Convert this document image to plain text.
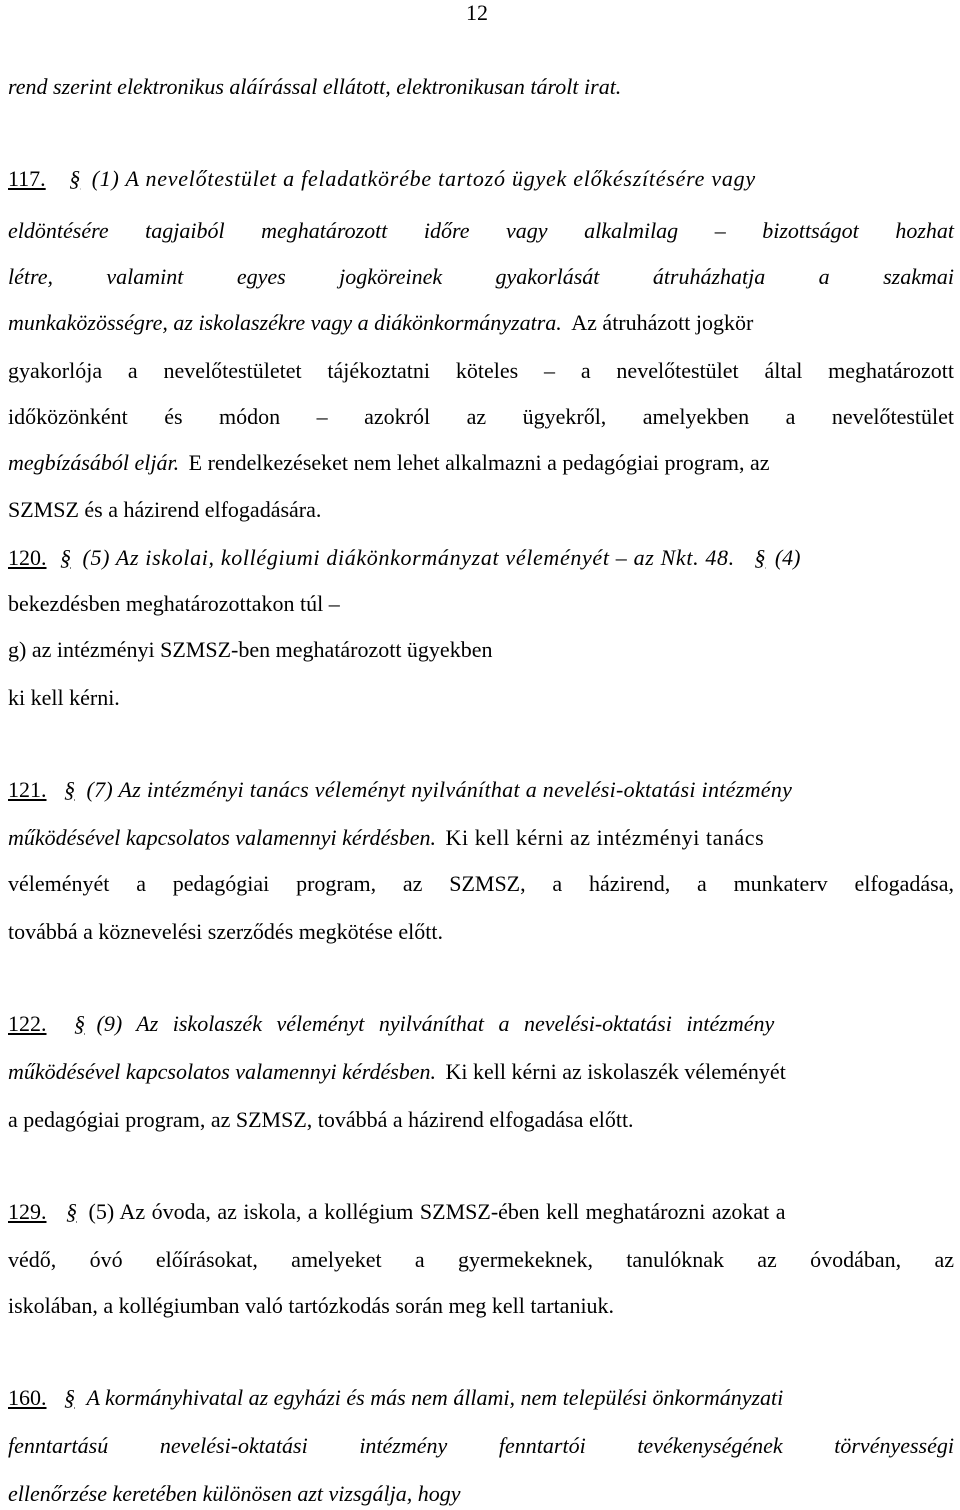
12
rend szerint elektronikus aláírással ellátott, elektronikusan tárolt irat.
117. § (1) A nevelőtestület a feladatkörébe tartozó ügyek előkészítésére vagy
eldöntésére tagjaiból meghatározott időre vagy alkalmilag – bizottságot hozhat
létre, valamint egyes jogköreinek gyakorlását átruházhatja a szakmai
munkaközösségre, az iskolaszékre vagy a diákönkormányzatra. Az átruházott jogkör
gyakorlója a nevelőtestületet tájékoztatni köteles – a nevelőtestület által meghatározott
időközönként és módon – azokról az ügyekről, amelyekben a nevelőtestület
megbízásából eljár. E rendelkezéseket nem lehet alkalmazni a pedagógiai program, az
SZMSZ és a házirend elfogadására.
120. § (5) Az iskolai, kollégiumi diákönkormányzat véleményét – az Nkt. 48. § (4)
bekezdésben meghatározottakon túl –
g) az intézményi SZMSZ-ben meghatározott ügyekben
ki kell kérni.
121. § (7) Az intézményi tanács véleményt nyilváníthat a nevelési-oktatási intézmény
működésével kapcsolatos valamennyi kérdésben. Ki kell kérni az intézményi tanács
véleményét a pedagógiai program, az SZMSZ, a házirend, a munkaterv elfogadása,
továbbá a köznevelési szerződés megkötése előtt.
122. § (9) Az iskolaszék véleményt nyilváníthat a nevelési-oktatási intézmény
működésével kapcsolatos valamennyi kérdésben. Ki kell kérni az iskolaszék véleményét
a pedagógiai program, az SZMSZ, továbbá a házirend elfogadása előtt.
129. § (5) Az óvoda, az iskola, a kollégium SZMSZ-ében kell meghatározni azokat a
védő, óvó előírásokat, amelyeket a gyermekeknek, tanulóknak az óvodában, az
iskolában, a kollégiumban való tartózkodás során meg kell tartaniuk.
160. § A kormányhivatal az egyházi és más nem állami, nem települési önkormányzati
fenntartású nevelési-oktatási intézmény fenntartói tevékenységének törvényességi
ellenőrzése keretében különösen azt vizsgálja, hogy
